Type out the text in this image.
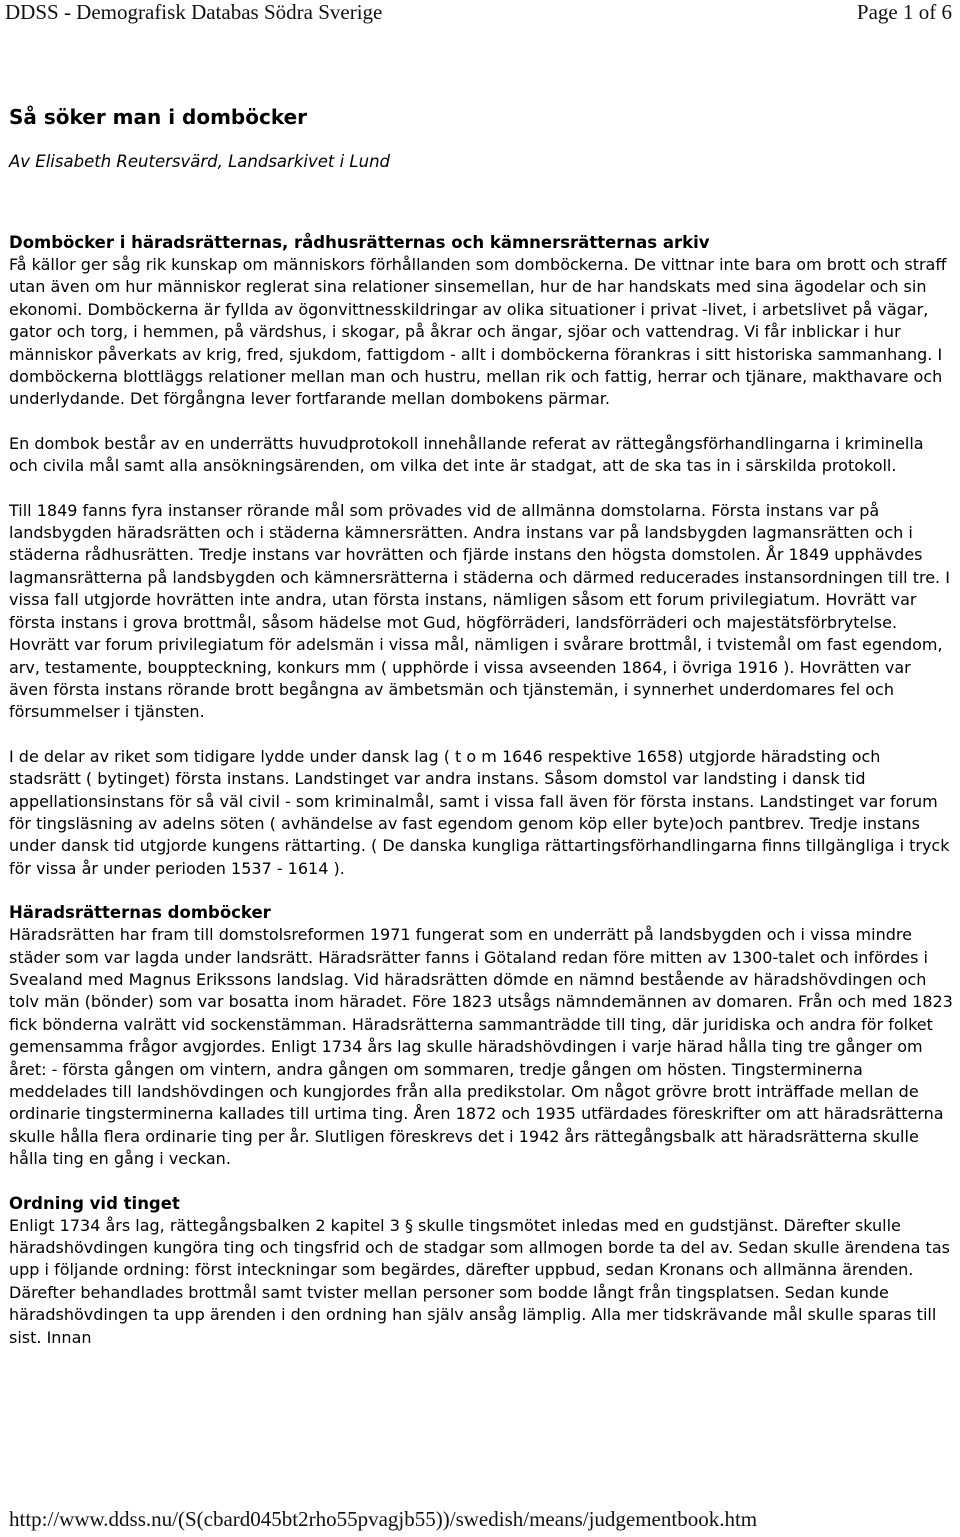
DDSS - Demografisk Databas Södra Sverige	Page 1 of 6
Så söker man i domböcker
Av Elisabeth Reutersvärd, Landsarkivet i Lund
Domböcker i häradsrätternas, rådhusrätternas och kämnersrätternas arkiv

Få källor ger såg rik kunskap om människors förhållanden som domböckerna. De vittnar inte bara om brott och straff utan även om hur människor reglerat sina relationer sinsemellan, hur de har handskats med sina ägodelar och sin ekonomi. Domböckerna är fyllda av ögonvittnesskildringar av olika situationer i privat -livet, i arbetslivet på vägar, gator och torg, i hemmen, på värdshus, i skogar, på åkrar och ängar, sjöar och vattendrag. Vi får inblickar i hur människor påverkats av krig, fred, sjukdom, fattigdom - allt i domböckerna förankras i sitt historiska sammanhang. I domböckerna blottläggs relationer mellan man och hustru, mellan rik och fattig, herrar och tjänare, makthavare och underlydande. Det förgångna lever fortfarande mellan dombokens pärmar.

En dombok består av en underrätts huvudprotokoll innehållande referat av rättegångsförhandlingarna i kriminella och civila mål samt alla ansökningsärenden, om vilka det inte är stadgat, att de ska tas in i särskilda protokoll.

Till 1849 fanns fyra instanser rörande mål som prövades vid de allmänna domstolarna. Första instans var på landsbygden häradsrätten och i städerna kämnersrätten. Andra instans var på landsbygden lagmansrätten och i städerna rådhusrätten. Tredje instans var hovrätten och fjärde instans den högsta domstolen. År 1849 upphävdes lagmansrätterna på landsbygden och kämnersrätterna i städerna och därmed reducerades instansordningen till tre. I vissa fall utgjorde hovrätten inte andra, utan första instans, nämligen såsom ett forum privilegiatum. Hovrätt var första instans i grova brottmål, såsom hädelse mot Gud, högförräderi, landsförräderi och majestätsförbrytelse. Hovrätt var forum privilegiatum för adelsmän i vissa mål, nämligen i svårare brottmål, i tvistemål om fast egendom, arv, testamente, bouppteckning, konkurs mm ( upphörde i vissa avseenden 1864, i övriga 1916 ). Hovrätten var även första instans rörande brott begångna av ämbetsmän och tjänstemän, i synnerhet underdomares fel och försummelser i tjänsten.

I de delar av riket som tidigare lydde under dansk lag ( t o m 1646 respektive 1658) utgjorde häradsting och stadsrätt ( bytinget) första instans. Landstinget var andra instans. Såsom domstol var landsting i dansk tid appellationsinstans för så väl civil - som kriminalmål, samt i vissa fall även för första instans. Landstinget var forum för tingsläsning av adelns söten ( avhändelse av fast egendom genom köp eller byte)och pantbrev. Tredje instans under dansk tid utgjorde kungens rättarting. ( De danska kungliga rättartingsförhandlingarna finns tillgängliga i tryck för vissa år under perioden 1537 - 1614 ).

Häradsrätternas domböcker

Häradsrätten har fram till domstolsreformen 1971 fungerat som en underrätt på landsbygden och i vissa mindre städer som var lagda under landsrätt. Häradsrätter fanns i Götaland redan före mitten av 1300-talet och infördes i Svealand med Magnus Erikssons landslag. Vid häradsrätten dömde en nämnd bestående av häradshövdingen och tolv män (bönder) som var bosatta inom häradet. Före 1823 utsågs nämndemännen av domaren. Från och med 1823 fick bönderna valrätt vid sockenstämman. Häradsrätterna sammanträdde till ting, där juridiska och andra för folket gemensamma frågor avgjordes. Enligt 1734 års lag skulle häradshövdingen i varje härad hålla ting tre gånger om året: - första gången om vintern, andra gången om sommaren, tredje gången om hösten. Tingsterminerna meddelades till landshövdingen och kungjordes från alla predikstolar. Om något grövre brott inträffade mellan de ordinarie tingsterminerna kallades till urtima ting. Åren 1872 och 1935 utfärdades föreskrifter om att häradsrätterna skulle hålla flera ordinarie ting per år. Slutligen föreskrevs det i 1942 års rättegångsbalk att häradsrätterna skulle hålla ting en gång i veckan.

Ordning vid tinget

Enligt 1734 års lag, rättegångsbalken 2 kapitel 3 § skulle tingsmötet inledas med en gudstjänst. Därefter skulle häradshövdingen kungöra ting och tingsfrid och de stadgar som allmogen borde ta del av. Sedan skulle ärendena tas upp i följande ordning: först inteckningar som begärdes, därefter uppbud, sedan Kronans och allmänna ärenden. Därefter behandlades brottmål samt tvister mellan personer som bodde långt från tingsplatsen. Sedan kunde häradshövdingen ta upp ärenden i den ordning han själv ansåg lämplig. Alla mer tidskrävande mål skulle sparas till sist. Innan

http://www.ddss.nu/(S(cbard045bt2rho55pvagjb55))/swedish/means/judgementbook.htm
